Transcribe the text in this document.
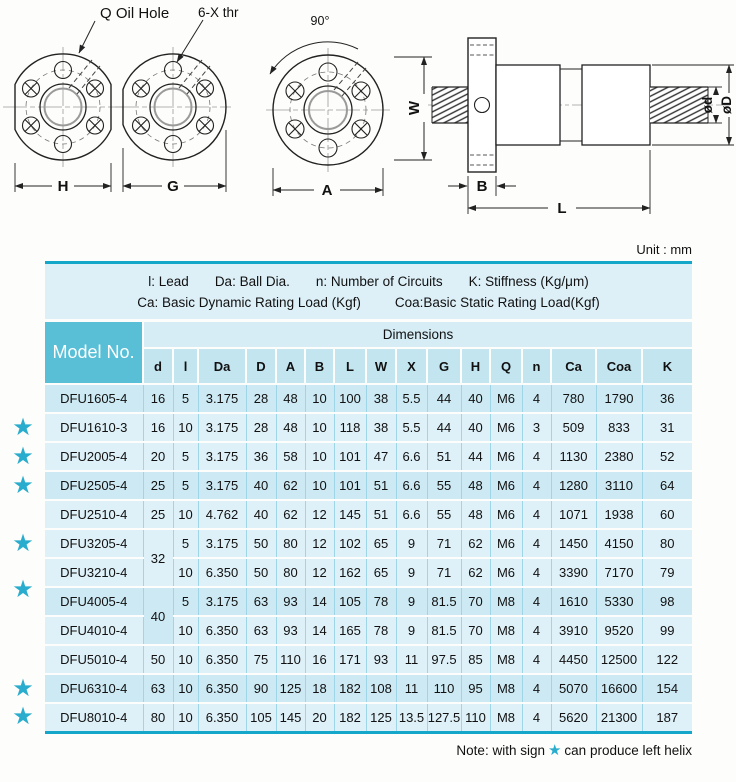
Q Oil Hole
H
6-X thr
G
90°
A
W
B
L
ød øD
Unit : mm
l: Lead Da: Ball Dia. n: Number of Circuits K: Stiffness (Kg/μm)
Ca: Basic Dynamic Rating Load (Kgf)	Coa:Basic Static Rating Load(Kgf)
Model No.	Dimensions															
	d	l	Da	D	A	B	L	W	X	G	H	Q	n	Ca	Coa	K
DFU1605-4	16	5	3.175	28	48	10	100	38	5.5	44	40	M6	4	780	1790	36
DFU1610-3	16	10	3.175	28	48	10	118	38	5.5	44	40	M6	3	509	833	31
DFU2005-4	20	5	3.175	36	58	10	101	47	6.6	51	44	M6	4	1130	2380	52
DFU2505-4	25	5	3.175	40	62	10	101	51	6.6	55	48	M6	4	1280	3110	64
DFU2510-4	25	10	4.762	40	62	12	145	51	6.6	55	48	M6	4	1071	1938	60
DFU3205-4	32	5	3.175	50	80	12	102	65	9	71	62	M6	4	1450	4150	80
DFU3210-4		10	6.350	50	80	12	162	65	9	71	62	M6	4	3390	7170	79
DFU4005-4	40	5	3.175	63	93	14	105	78	9	81.5	70	M8	4	1610	5330	98
DFU4010-4		10	6.350	63	93	14	165	78	9	81.5	70	M8	4	3910	9520	99
DFU5010-4	50	10	6.350	75	110	16	171	93	11	97.5	85	M8	4	4450	12500	122
DFU6310-4	63	10	6.350	90	125	18	182	108	11	110	95	M8	4	5070	16600	154
DFU8010-4	80	10	6.350	105	145	20	182	125	13.5	127.5	110	M8	4	5620	21300	187
Note: with sign ★ can produce left helix
★
★
★
★
★
★
★
